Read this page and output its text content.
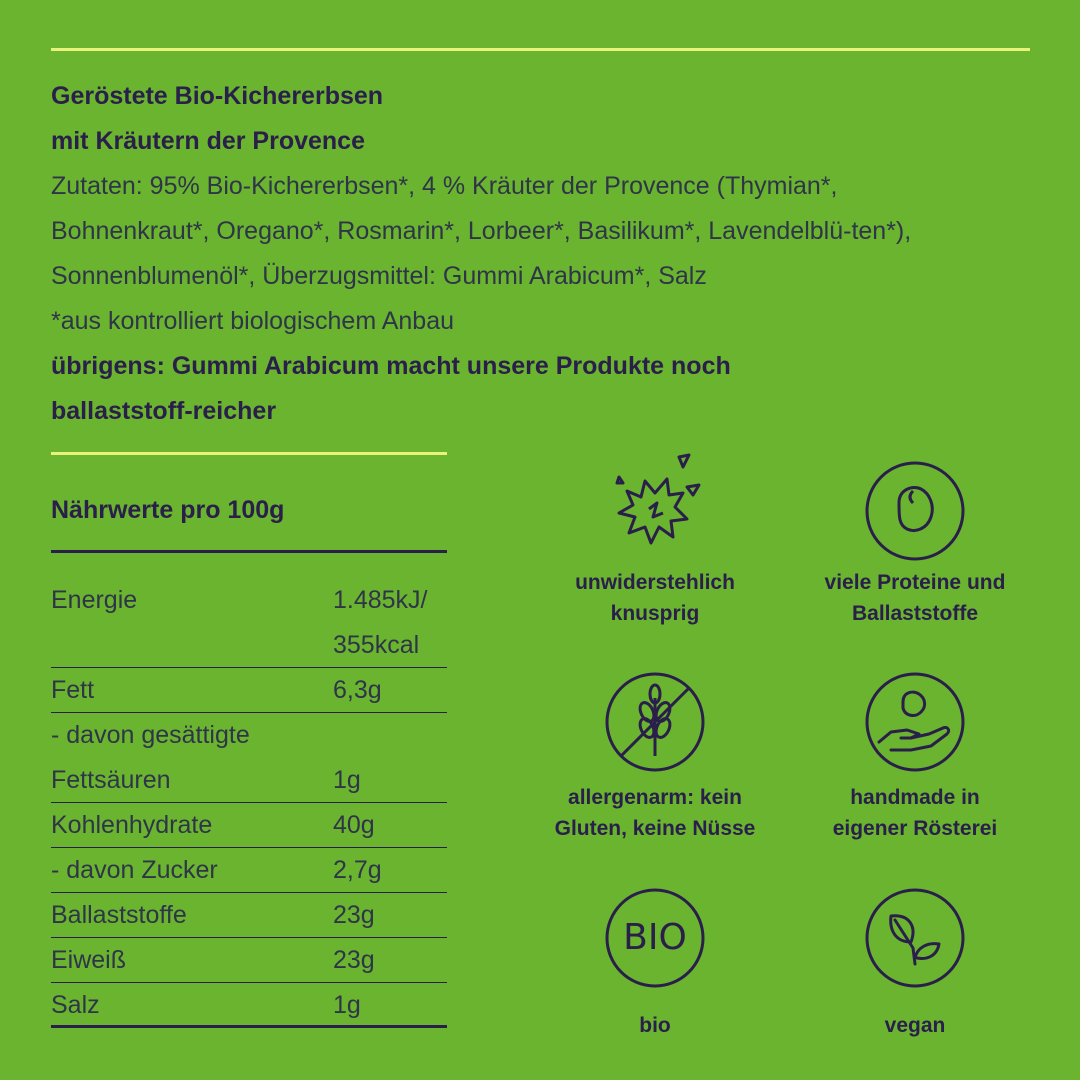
Geröstete Bio-Kichererbsen
mit Kräutern der Provence
Zutaten: 95% Bio-Kichererbsen*, 4 % Kräuter der Provence (Thymian*,
Bohnenkraut*, Oregano*, Rosmarin*, Lorbeer*, Basilikum*, Lavendelblü-ten*),
Sonnenblumenöl*, Überzugsmittel: Gummi Arabicum*, Salz
*aus kontrolliert biologischem Anbau
übrigens: Gummi Arabicum macht unsere Produkte noch
ballaststoff-reicher
Nährwerte pro 100g
Energie	1.485kJ/
355kcal
Fett	6,3g
- davon gesättigte
Fettsäuren	1g
Kohlenhydrate	40g
- davon Zucker	2,7g
Ballaststoffe	23g
Eiweiß	23g
Salz	1g
unwiderstehlich
knusprig
viele Proteine und
Ballaststoffe
allergenarm: kein
Gluten, keine Nüsse
handmade in
eigener Rösterei
BIO
bio	vegan
